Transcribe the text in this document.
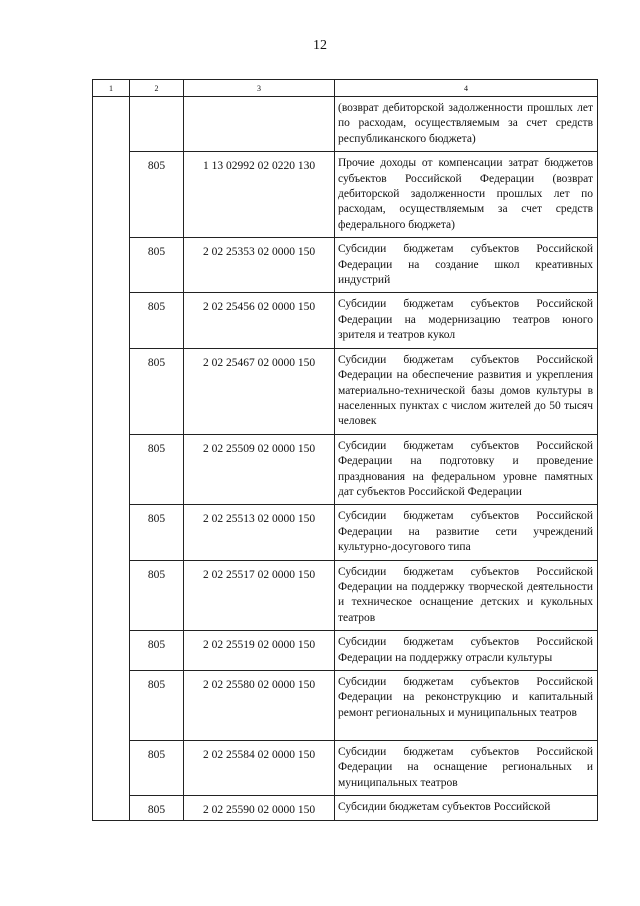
12
1	2	3	4
			(возврат дебиторской задолженности прошлых лет по расходам, осуществляемым за счет средств республиканского бюджета)
	805	1 13 02992 02 0220 130	Прочие доходы от компенсации затрат бюджетов субъектов Российской Федерации (возврат дебиторской задолженности прошлых лет по расходам, осуществляемым за счет средств федерального бюджета)
	805	2 02 25353 02 0000 150	Субсидии бюджетам субъектов Российской Федерации на создание школ креативных индустрий
	805	2 02 25456 02 0000 150	Субсидии бюджетам субъектов Российской Федерации на модернизацию театров юного зрителя и театров кукол
	805	2 02 25467 02 0000 150	Субсидии бюджетам субъектов Российской Федерации на обеспечение развития и укрепления материально-технической базы домов культуры в населенных пунктах с числом жителей до 50 тысяч человек
	805	2 02 25509 02 0000 150	Субсидии бюджетам субъектов Российской Федерации на подготовку и проведение празднования на федеральном уровне памятных дат субъектов Российской Федерации
	805	2 02 25513 02 0000 150	Субсидии бюджетам субъектов Российской Федерации на развитие сети учреждений культурно-досугового типа
	805	2 02 25517 02 0000 150	Субсидии бюджетам субъектов Российской Федерации на поддержку творческой деятельности и техническое оснащение детских и кукольных театров
	805	2 02 25519 02 0000 150	Субсидии бюджетам субъектов Российской Федерации на поддержку отрасли культуры
	805	2 02 25580 02 0000 150	Субсидии бюджетам субъектов Российской Федерации на реконструкцию и капитальный ремонт региональных и муниципальных театров
	805	2 02 25584 02 0000 150	Субсидии бюджетам субъектов Российской Федерации на оснащение региональных и муниципальных театров
	805	2 02 25590 02 0000 150	Субсидии бюджетам субъектов Российской
